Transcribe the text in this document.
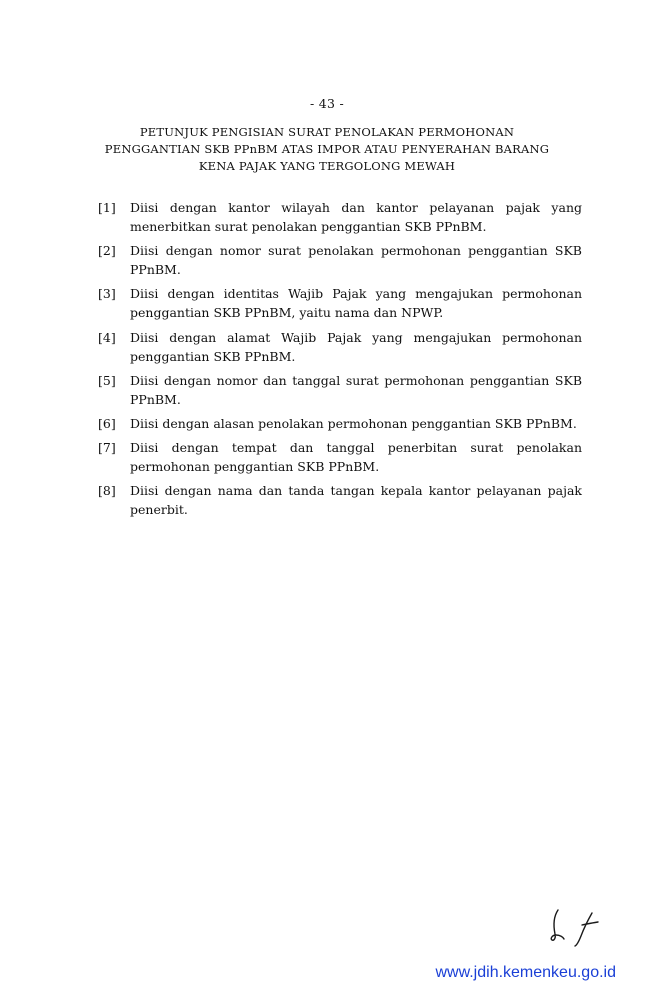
- 43 -
PETUNJUK PENGISIAN SURAT PENOLAKAN PERMOHONAN
PENGGANTIAN SKB PPnBM ATAS IMPOR ATAU PENYERAHAN BARANG
KENA PAJAK YANG TERGOLONG MEWAH
[1]	Diisi dengan kantor wilayah dan kantor pelayanan pajak yang menerbitkan surat penolakan penggantian SKB PPnBM.
[2]	Diisi dengan nomor surat penolakan permohonan penggantian SKB PPnBM.
[3]	Diisi dengan identitas Wajib Pajak yang mengajukan permohonan penggantian SKB PPnBM, yaitu nama dan NPWP.
[4]	Diisi dengan alamat Wajib Pajak yang mengajukan permohonan penggantian SKB PPnBM.
[5]	Diisi dengan nomor dan tanggal surat permohonan penggantian SKB PPnBM.
[6]	Diisi dengan alasan penolakan permohonan penggantian SKB PPnBM.
[7]	Diisi dengan tempat dan tanggal penerbitan surat penolakan permohonan penggantian SKB PPnBM.
[8]	Diisi dengan nama dan tanda tangan kepala kantor pelayanan pajak penerbit.
www.jdih.kemenkeu.go.id
